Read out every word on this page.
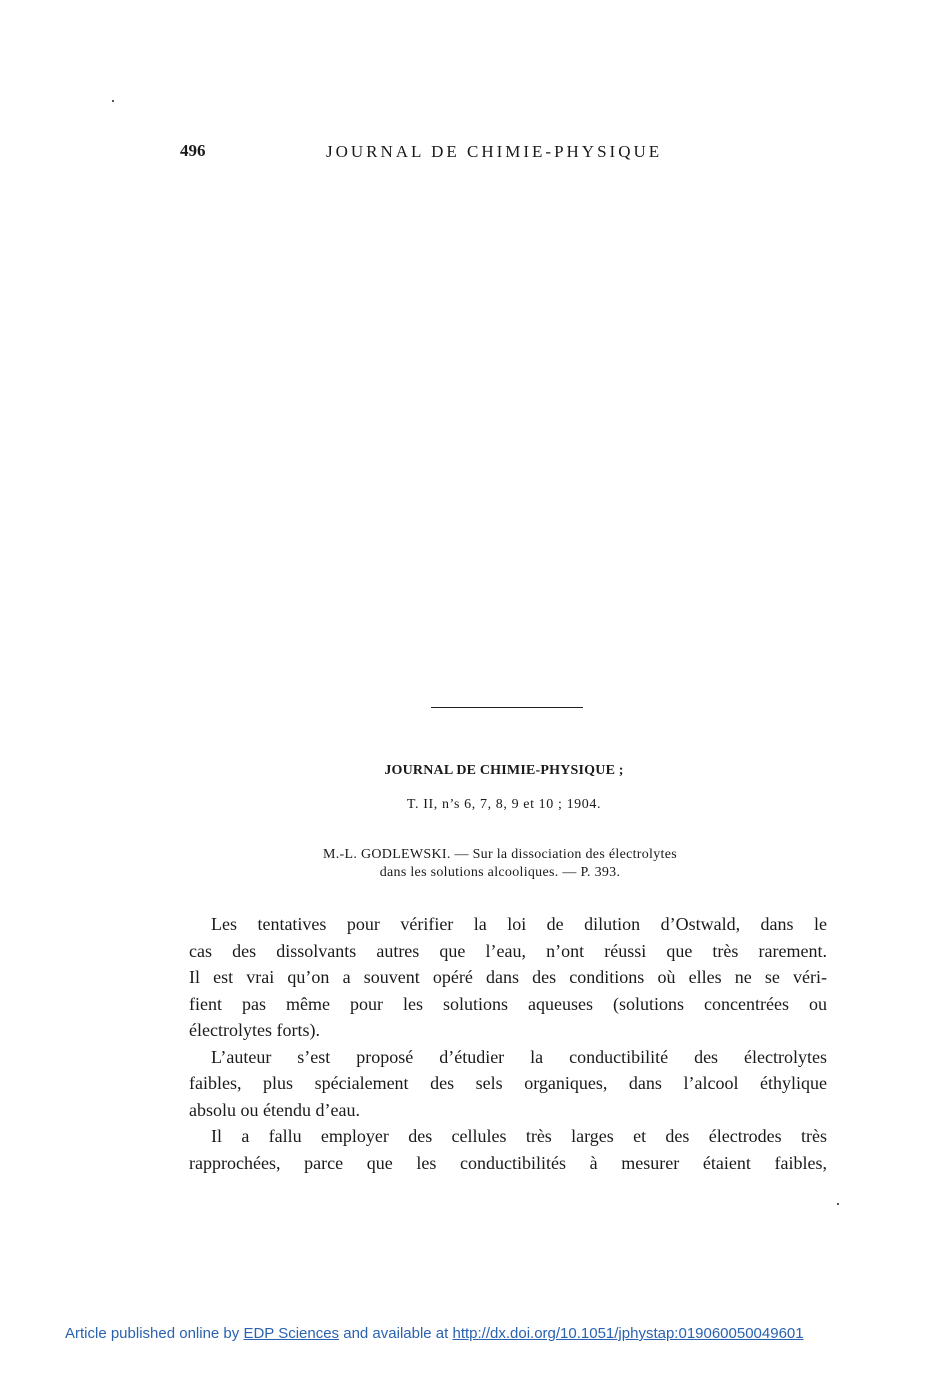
496	JOURNAL DE CHIMIE-PHYSIQUE
JOURNAL DE CHIMIE-PHYSIQUE ;
T. II, n’s 6, 7, 8, 9 et 10 ; 1904.
M.-L. GODLEWSKI. — Sur la dissociation des électrolytes
dans les solutions alcooliques. — P. 393.
Les tentatives pour vérifier la loi de dilution d’Ostwald, dans le
cas des dissolvants autres que l’eau, n’ont réussi que très rarement.
Il est vrai qu’on a souvent opéré dans des conditions où elles ne se véri-
fient pas même pour les solutions aqueuses (solutions concentrées ou
électrolytes forts).
L’auteur s’est proposé d’étudier la conductibilité des électrolytes
faibles, plus spécialement des sels organiques, dans l’alcool éthylique
absolu ou étendu d’eau.
Il a fallu employer des cellules très larges et des électrodes très
rapprochées, parce que les conductibilités à mesurer étaient faibles,
Article published online by EDP Sciences and available at http://dx.doi.org/10.1051/jphystap:019060050049601
